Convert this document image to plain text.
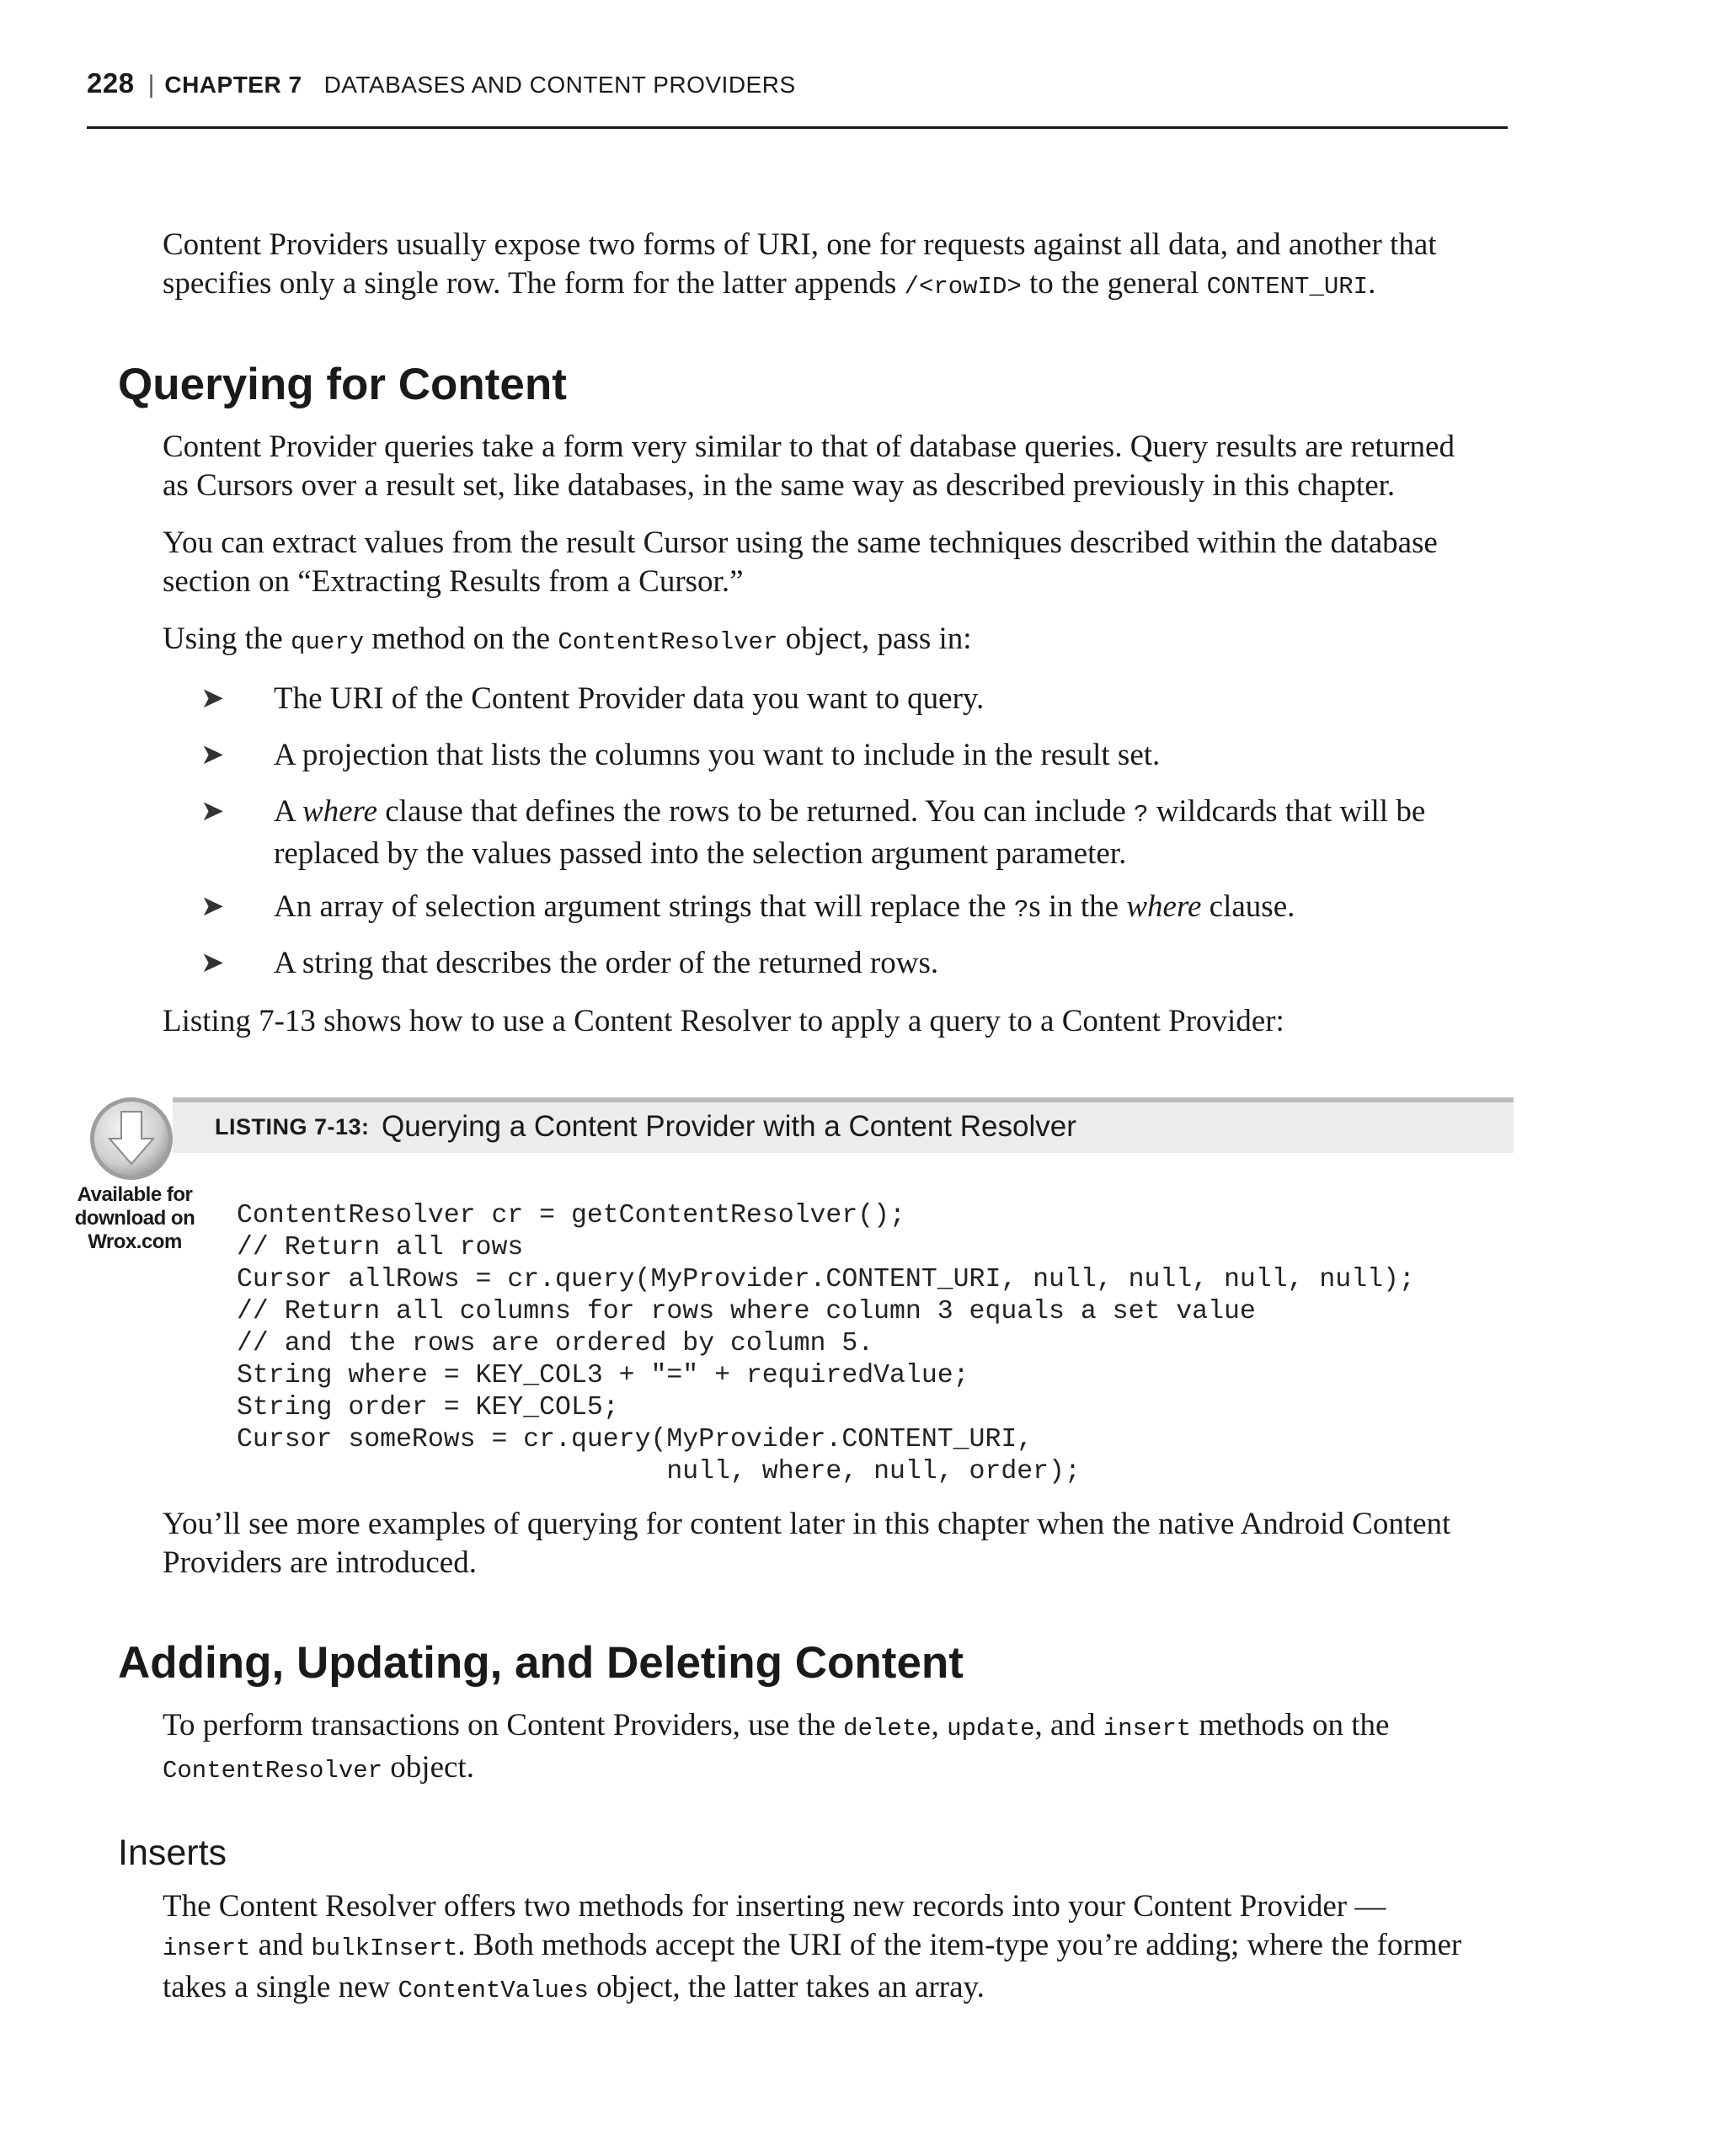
228 | CHAPTER 7 DATABASES AND CONTENT PROVIDERS
Content Providers usually expose two forms of URI, one for requests against all data, and another that
specifies only a single row. The form for the latter appends /<rowID> to the general CONTENT_URI.
Querying for Content
Content Provider queries take a form very similar to that of database queries. Query results are returned
as Cursors over a result set, like databases, in the same way as described previously in this chapter.
You can extract values from the result Cursor using the same techniques described within the database
section on “Extracting Results from a Cursor.”
Using the query method on the ContentResolver object, pass in:
➤ The URI of the Content Provider data you want to query.
➤ A projection that lists the columns you want to include in the result set.
➤ A where clause that defines the rows to be returned. You can include ? wildcards that will be
replaced by the values passed into the selection argument parameter.
➤ An array of selection argument strings that will replace the ?s in the where clause.
➤ A string that describes the order of the returned rows.
Listing 7-13 shows how to use a Content Resolver to apply a query to a Content Provider:
LISTING 7-13: Querying a Content Provider with a Content Resolver
Available for
download on
Wrox.com
ContentResolver cr = getContentResolver();
// Return all rows
Cursor allRows = cr.query(MyProvider.CONTENT_URI, null, null, null, null);
// Return all columns for rows where column 3 equals a set value
// and the rows are ordered by column 5.
String where = KEY_COL3 + "=" + requiredValue;
String order = KEY_COL5;
Cursor someRows = cr.query(MyProvider.CONTENT_URI,
null, where, null, order);
You’ll see more examples of querying for content later in this chapter when the native Android Content
Providers are introduced.
Adding, Updating, and Deleting Content
To perform transactions on Content Providers, use the delete, update, and insert methods on the
ContentResolver object.
Inserts
The Content Resolver offers two methods for inserting new records into your Content Provider —
insert and bulkInsert. Both methods accept the URI of the item-type you’re adding; where the former
takes a single new ContentValues object, the latter takes an array.
